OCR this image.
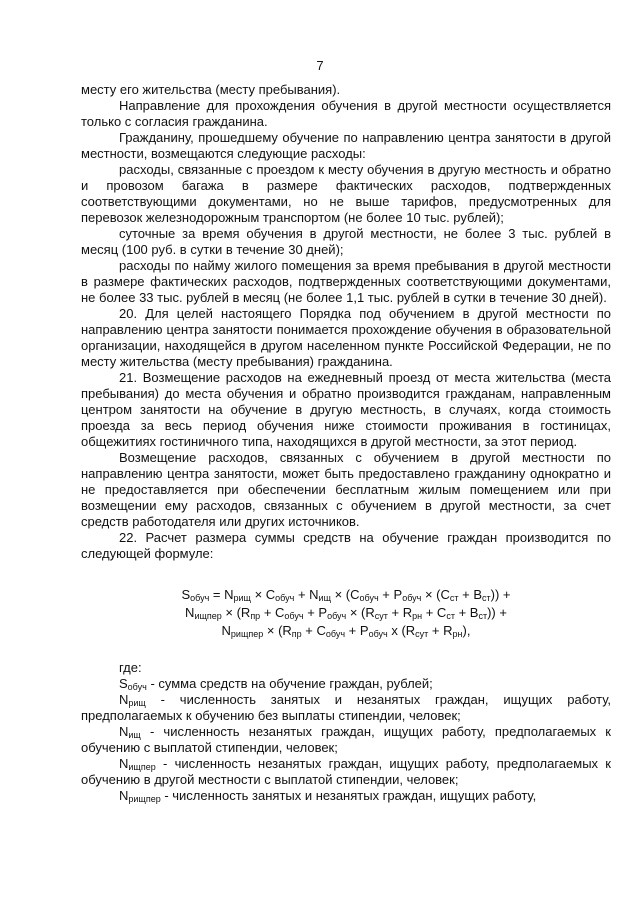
7

месту его жительства (месту пребывания).

Направление для прохождения обучения в другой местности осуществляется только с согласия гражданина.

Гражданину, прошедшему обучение по направлению центра занятости в другой местности, возмещаются следующие расходы:

расходы, связанные с проездом к месту обучения в другую местность и обратно и провозом багажа в размере фактических расходов, подтвержденных соответствующими документами, но не выше тарифов, предусмотренных для перевозок железнодорожным транспортом (не более 10 тыс. рублей);

суточные за время обучения в другой местности, не более 3 тыс. рублей в месяц (100 руб. в сутки в течение 30 дней);

расходы по найму жилого помещения за время пребывания в другой местности в размере фактических расходов, подтвержденных соответствующими документами, не более 33 тыс. рублей в месяц (не более 1,1 тыс. рублей в сутки в течение 30 дней).

20. Для целей настоящего Порядка под обучением в другой местности по направлению центра занятости понимается прохождение обучения в образовательной организации, находящейся в другом населенном пункте Российской Федерации, не по месту жительства (месту пребывания) гражданина.

21. Возмещение расходов на ежедневный проезд от места жительства (места пребывания) до места обучения и обратно производится гражданам, направленным центром занятости на обучение в другую местность, в случаях, когда стоимость проезда за весь период обучения ниже стоимости проживания в гостиницах, общежитиях гостиничного типа, находящихся в другой местности, за этот период.

Возмещение расходов, связанных с обучением в другой местности по направлению центра занятости, может быть предоставлено гражданину однократно и не предоставляется при обеспечении бесплатным жилым помещением или при возмещении ему расходов, связанных с обучением в другой местности, за счет средств работодателя или других источников.

22. Расчет размера суммы средств на обучение граждан производится по следующей формуле:

$S_{обуч} = N_{рищ} \times C_{обуч} + N_{ищ} \times (C_{обуч} + P_{обуч} \times (C_{ст} + B_{ст}))$ +
$N_{ищпер} \times (R_{пр} + C_{обуч} + P_{обуч} \times (R_{сут} + R_{рн} + C_{ст} + B_{ст}))$ +
$N_{рищпер} \times (R_{пр} + C_{обуч} + P_{обуч}$ x $(R_{сут} + R_{рн})$,

где:

$S_{обуч}$ - сумма средств на обучение граждан, рублей;

$N_{рищ}$ - численность занятых и незанятых граждан, ищущих работу, предполагаемых к обучению без выплаты стипендии, человек;

$N_{ищ}$ - численность незанятых граждан, ищущих работу, предполагаемых к обучению с выплатой стипендии, человек;

$N_{ищпер}$ - численность незанятых граждан, ищущих работу, предполагаемых к обучению в другой местности с выплатой стипендии, человек;

$N_{рищпер}$ - численность занятых и незанятых граждан, ищущих работу,
